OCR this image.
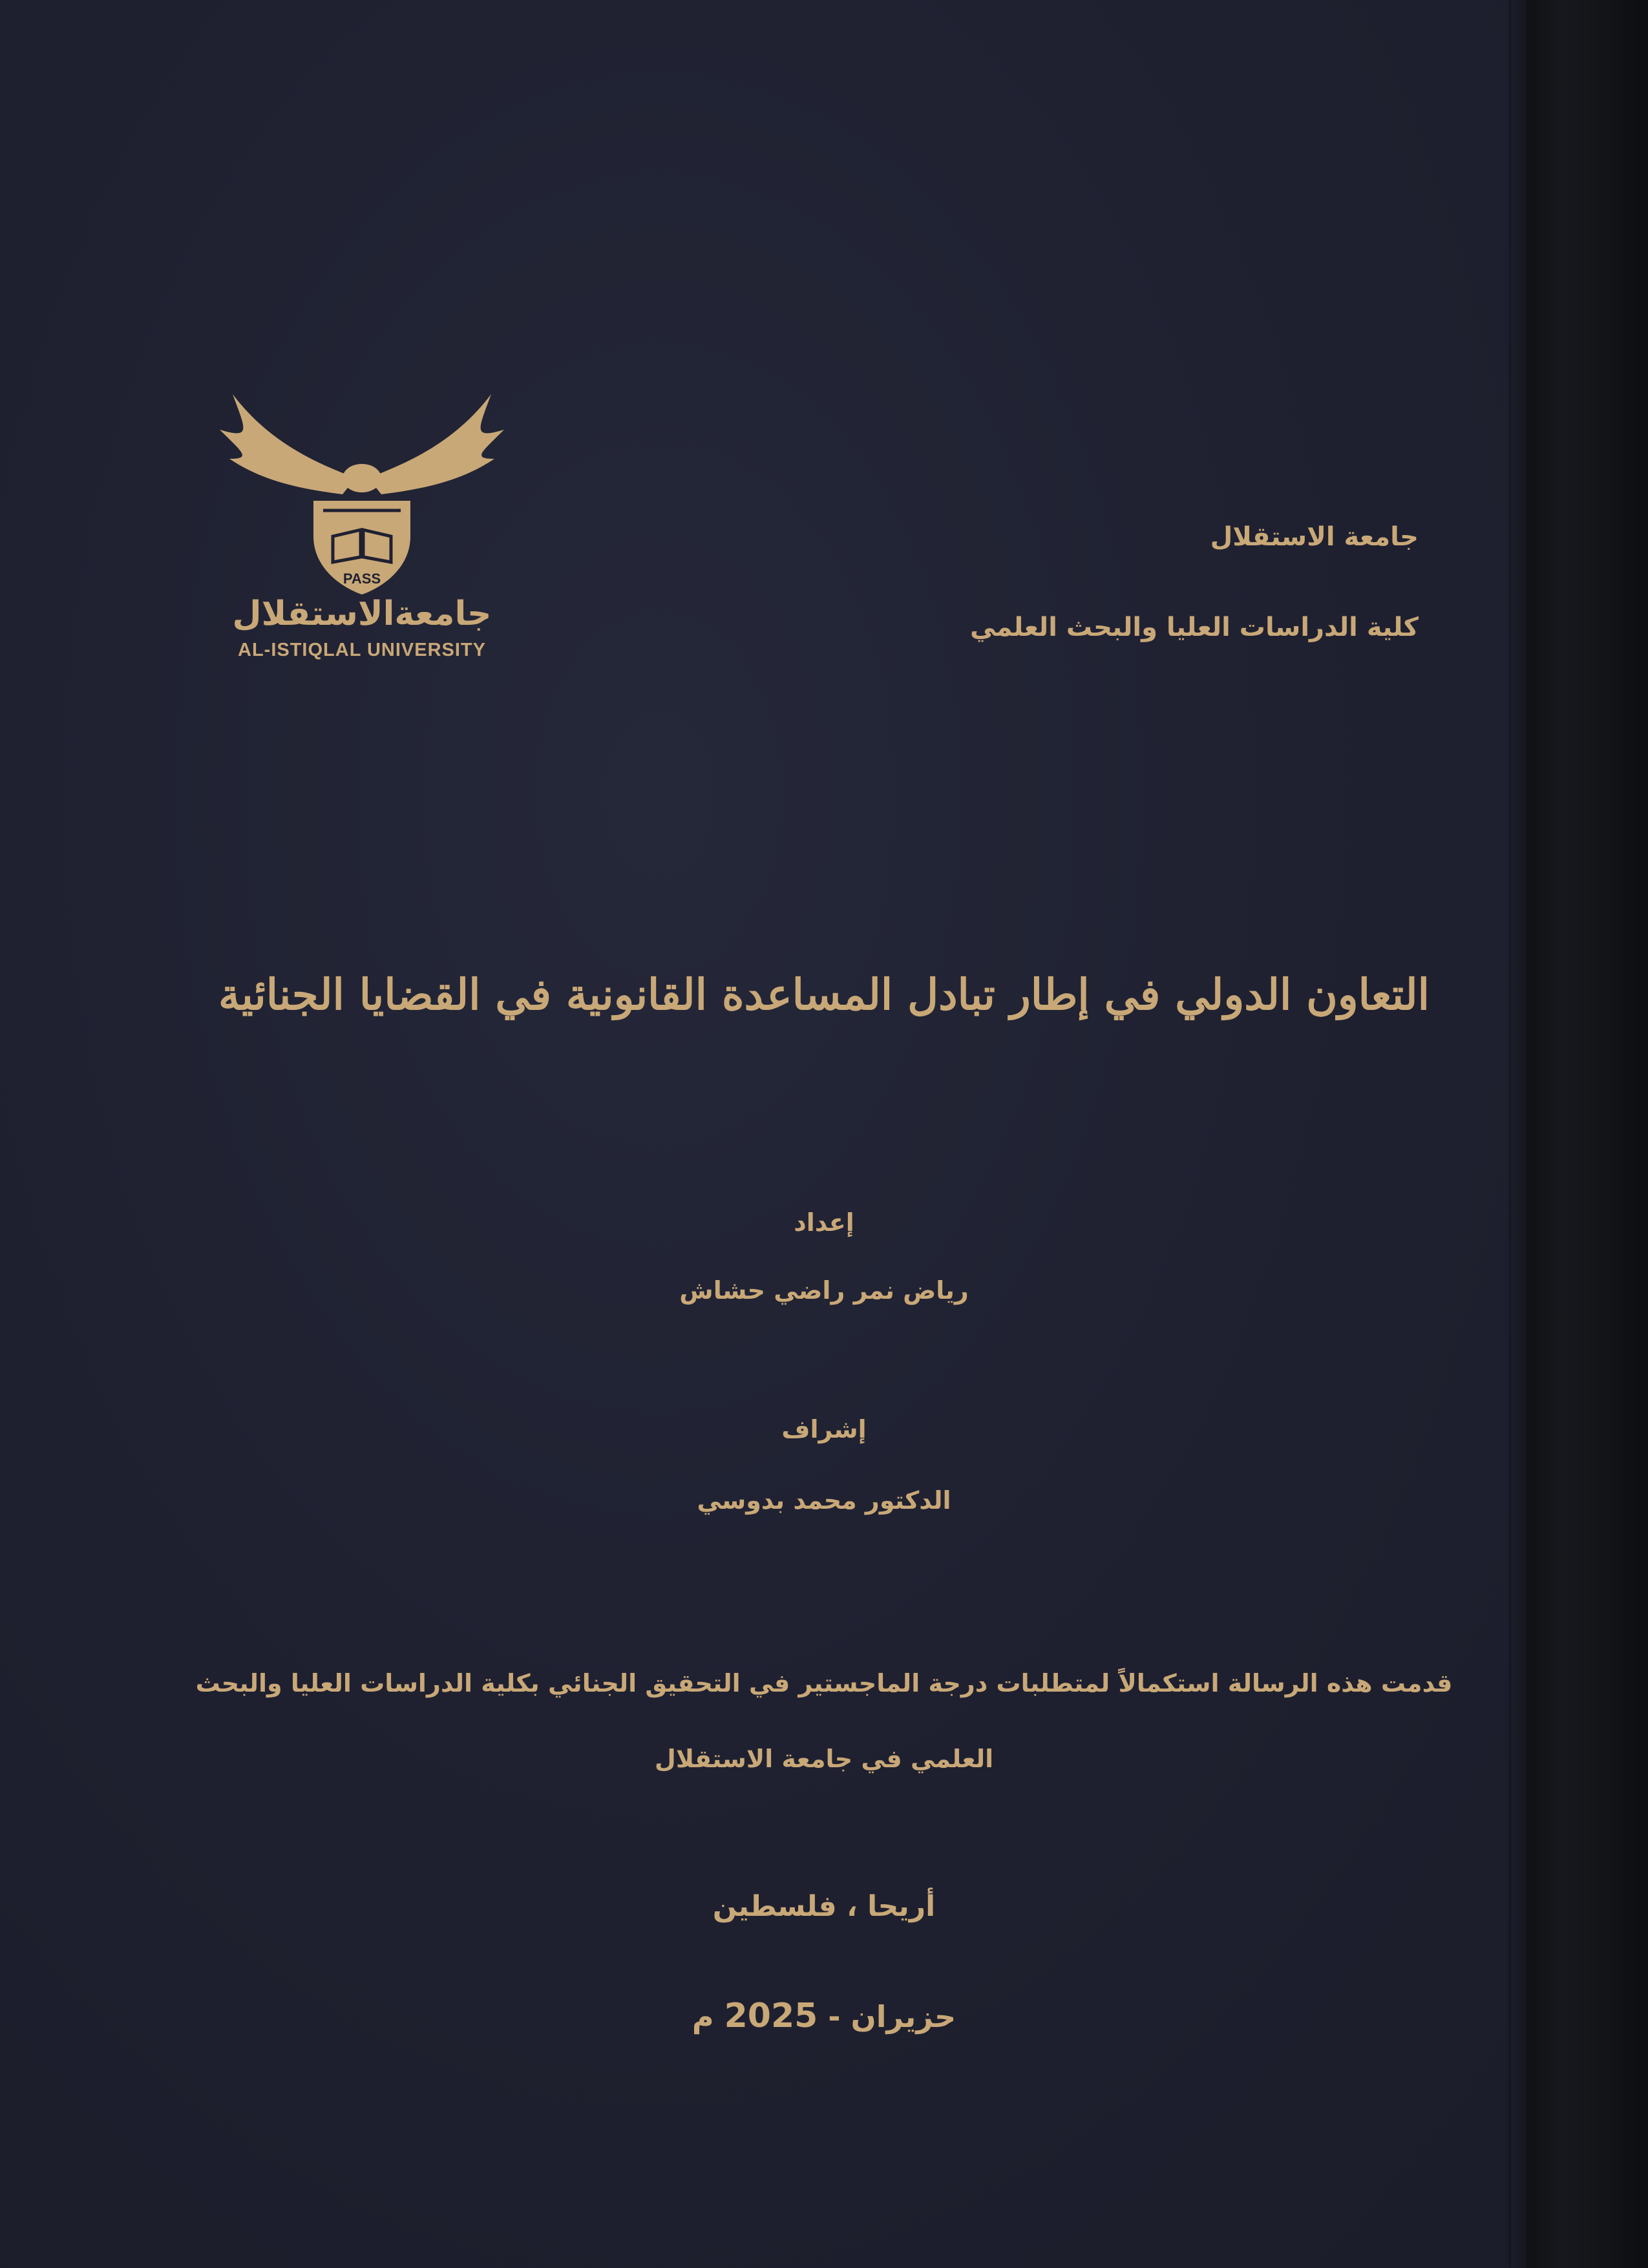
PASS
جامعةالاستقلال
AL-ISTIQLAL UNIVERSITY
جامعة الاستقلال
كلية الدراسات العليا والبحث العلمي
التعاون الدولي في إطار تبادل المساعدة القانونية في القضايا الجنائية
إعداد
رياض نمر راضي حشاش
إشراف
الدكتور محمد بدوسي
قدمت هذه الرسالة استكمالاً لمتطلبات درجة الماجستير في التحقيق الجنائي بكلية الدراسات العليا والبحث
العلمي في جامعة الاستقلال
أريحا ، فلسطين
حزيران - 2025 م
